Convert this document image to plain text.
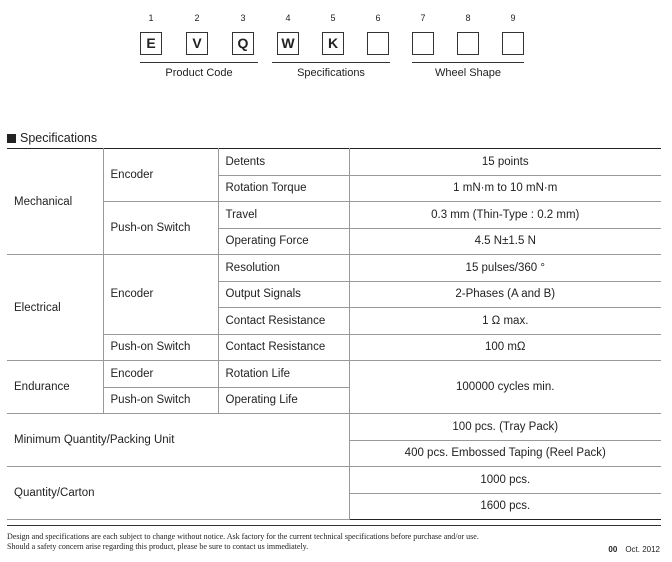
1	2	3	4	5	6	7	8	9
E	V	Q	W	K
Product Code	Specifications	Wheel Shape
Specifications
Mechanical	Encoder	Detents	15 points
		Rotation Torque	1 mN·m to 10 mN·m
	Push-on Switch	Travel	0.3 mm (Thin-Type : 0.2 mm)
		Operating Force	4.5 N±1.5 N
Electrical	Encoder	Resolution	15 pulses/360 °
		Output Signals	2-Phases (A and B)
		Contact Resistance	1 Ω max.
	Push-on Switch	Contact Resistance	100 mΩ
Endurance	Encoder	Rotation Life	100000 cycles min.
	Push-on Switch	Operating Life	
Minimum Quantity/Packing Unit			100 pcs. (Tray Pack)
			400 pcs. Embossed Taping (Reel Pack)
Quantity/Carton			1000 pcs.
			1600 pcs.
Design and specifications are each subject to change without notice. Ask factory for the current technical specifications before purchase and/or use.
Should a safety concern arise regarding this product, please be sure to contact us immediately.	00 Oct. 2012
